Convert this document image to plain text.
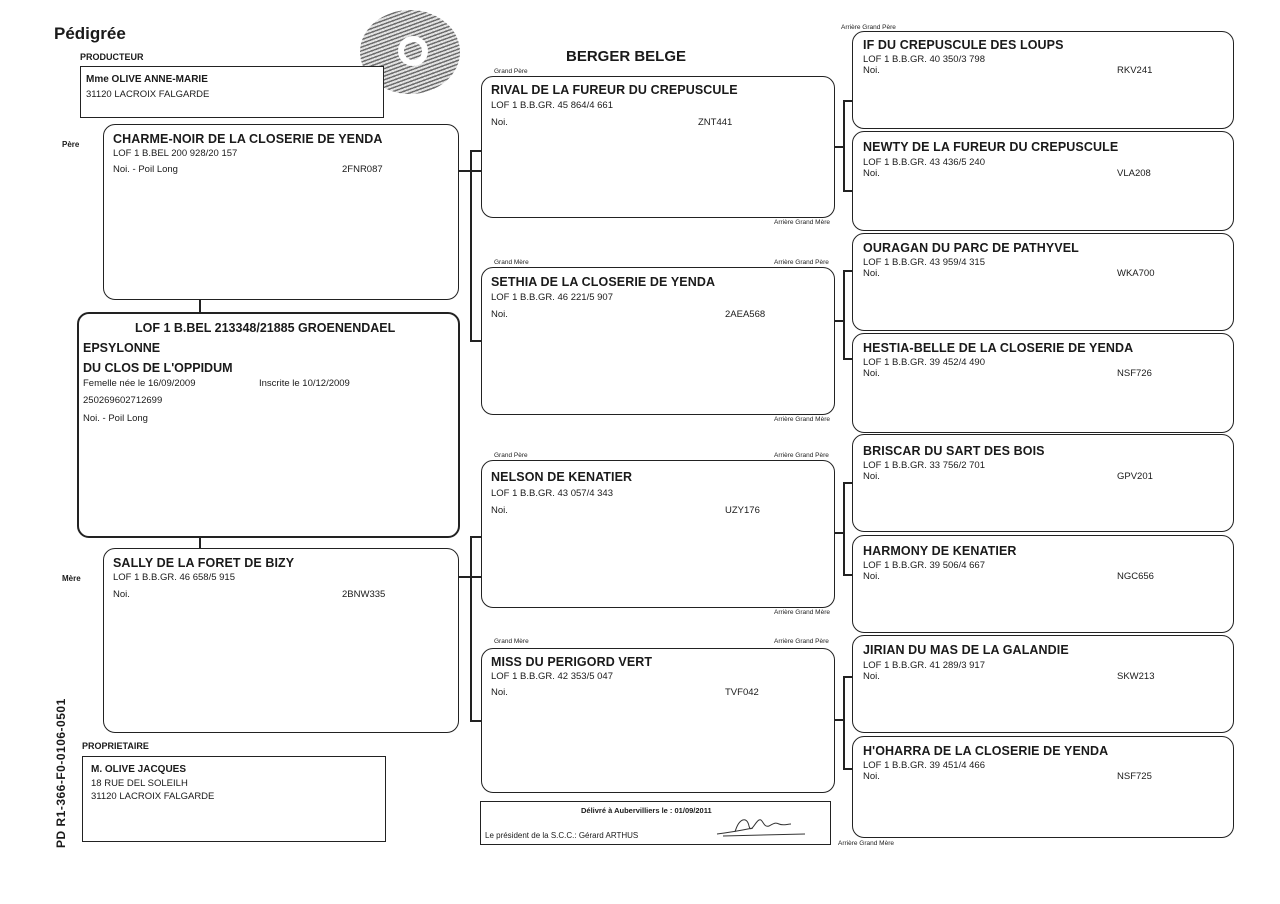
Pédigrée
BERGER BELGE
PRODUCTEUR
Mme OLIVE ANNE-MARIE
31120 LACROIX FALGARDE
Père	CHARME-NOIR DE LA CLOSERIE DE YENDA
LOF 1 B.BEL 200 928/20 157
Noi. - Poil Long	2FNR087
LOF 1 B.BEL 213348/21885 GROENENDAEL
EPSYLONNE
DU CLOS DE L'OPPIDUM
Femelle née le 16/09/2009	Inscrite le 10/12/2009
250269602712699
Noi. - Poil Long
Mère
SALLY DE LA FORET DE BIZY
LOF 1 B.B.GR. 46 658/5 915
Noi.	2BNW335
PROPRIETAIRE
M. OLIVE JACQUES
18 RUE DEL SOLEILH
31120 LACROIX FALGARDE
PD R1-366-F0-0106-0501
Grand Père
RIVAL DE LA FUREUR DU CREPUSCULE
LOF 1 B.B.GR. 45 864/4 661
Noi.	ZNT441
Arrière Grand Mère
Grand Mère	Arrière Grand Père
SETHIA DE LA CLOSERIE DE YENDA
LOF 1 B.B.GR. 46 221/5 907
Noi.	2AEA568
Arrière Grand Mère
Grand Père	Arrière Grand Père
NELSON DE KENATIER
LOF 1 B.B.GR. 43 057/4 343
Noi.	UZY176
Arrière Grand Mère
Grand Mère	Arrière Grand Père
MISS DU PERIGORD VERT
LOF 1 B.B.GR. 42 353/5 047
Noi.	TVF042
Délivré à Aubervilliers le : 01/09/2011
Le président de la S.C.C.: Gérard ARTHUS
Arrière Grand Père
IF DU CREPUSCULE DES LOUPS
LOF 1 B.B.GR. 40 350/3 798
Noi.	RKV241
NEWTY DE LA FUREUR DU CREPUSCULE
LOF 1 B.B.GR. 43 436/5 240
Noi.	VLA208
OURAGAN DU PARC DE PATHYVEL
LOF 1 B.B.GR. 43 959/4 315
Noi.	WKA700
HESTIA-BELLE DE LA CLOSERIE DE YENDA
LOF 1 B.B.GR. 39 452/4 490
Noi.	NSF726
BRISCAR DU SART DES BOIS
LOF 1 B.B.GR. 33 756/2 701
Noi.	GPV201
HARMONY DE KENATIER
LOF 1 B.B.GR. 39 506/4 667
Noi.	NGC656
JIRIAN DU MAS DE LA GALANDIE
LOF 1 B.B.GR. 41 289/3 917
Noi.	SKW213
H'OHARRA DE LA CLOSERIE DE YENDA
LOF 1 B.B.GR. 39 451/4 466
Noi.	NSF725
Arrière Grand Mère
